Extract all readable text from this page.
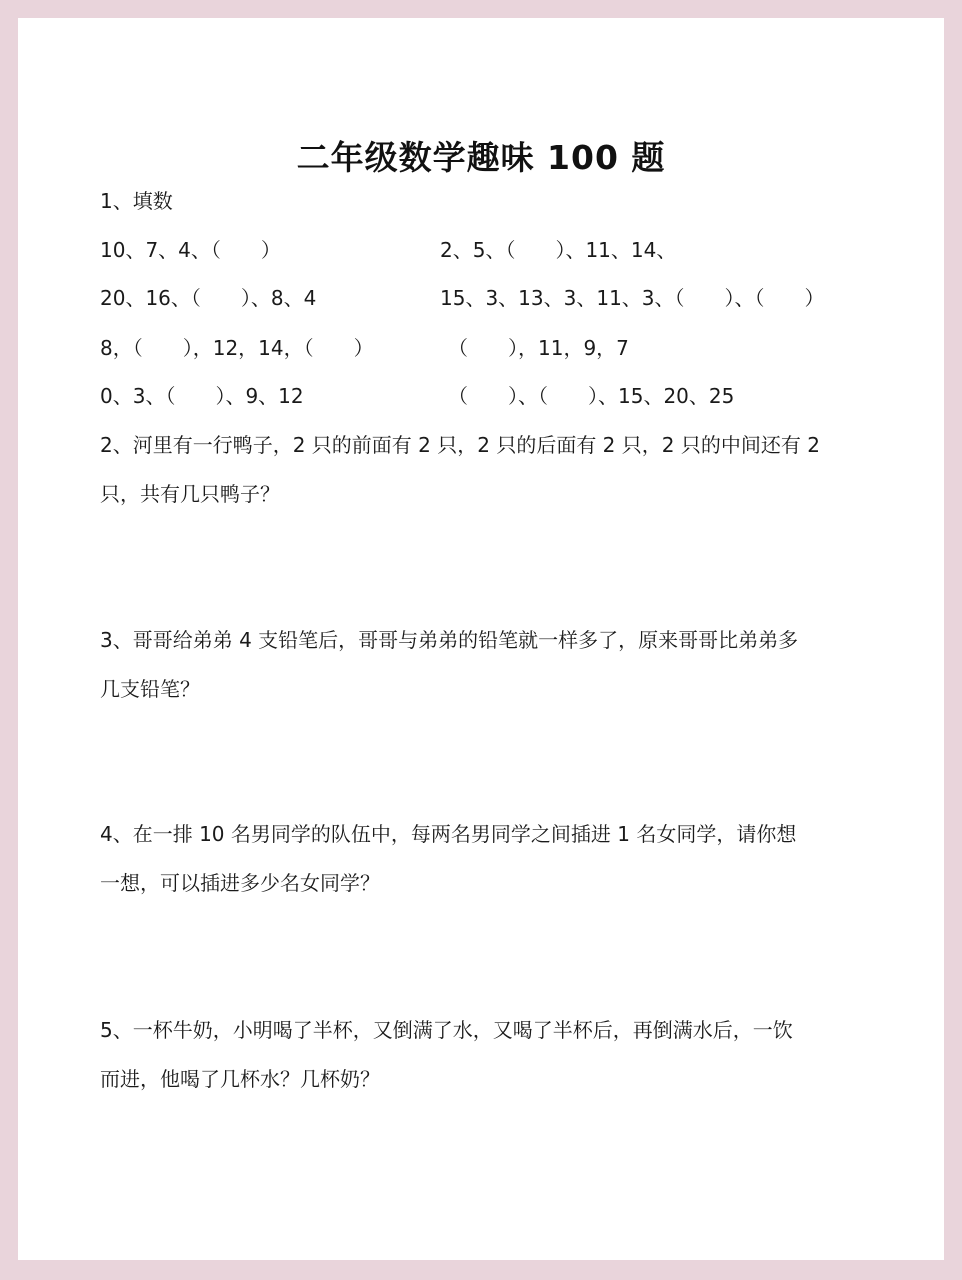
二年级数学趣味 100 题
1、填数
10、7、4、（　　）	2、5、（　　）、11、14、
20、16、（　　）、8、4	15、3、13、3、11、3、（　　）、（　　）
8，（　　），12，14，（　　）	（　　），11，9，7
0、3、（　　）、9、12	（　　）、（　　）、15、20、25
2、河里有一行鸭子，2 只的前面有 2 只，2 只的后面有 2 只，2 只的中间还有 2
只，共有几只鸭子？
3、哥哥给弟弟 4 支铅笔后，哥哥与弟弟的铅笔就一样多了，原来哥哥比弟弟多
几支铅笔？
4、在一排 10 名男同学的队伍中，每两名男同学之间插进 1 名女同学，请你想
一想，可以插进多少名女同学？
5、一杯牛奶，小明喝了半杯，又倒满了水，又喝了半杯后，再倒满水后，一饮
而进，他喝了几杯水？几杯奶？
